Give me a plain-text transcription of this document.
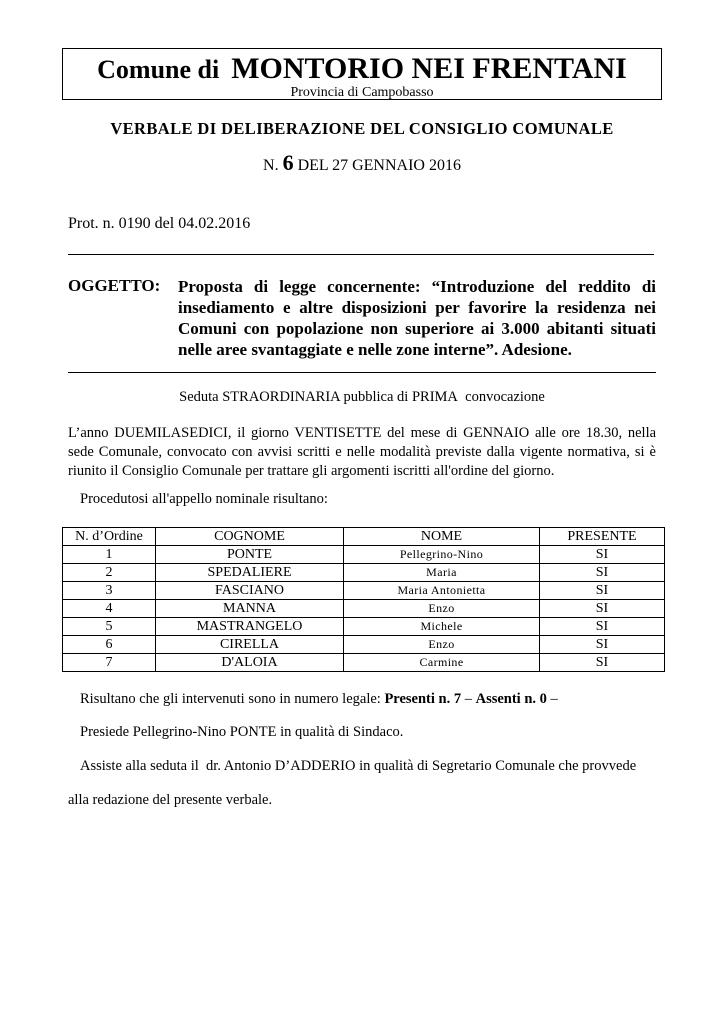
Comune di MONTORIO NEI FRENTANI
Provincia di Campobasso
VERBALE DI DELIBERAZIONE DEL CONSIGLIO COMUNALE
N. 6 DEL 27 GENNAIO 2016
Prot. n. 0190 del 04.02.2016
OGGETTO: Proposta di legge concernente: “Introduzione del reddito di insediamento e altre disposizioni per favorire la residenza nei Comuni con popolazione non superiore ai 3.000 abitanti situati nelle aree svantaggiate e nelle zone interne”. Adesione.
Seduta STRAORDINARIA pubblica di PRIMA convocazione
L’anno DUEMILASEDICI, il giorno VENTISETTE del mese di GENNAIO alle ore 18.30, nella sede Comunale, convocato con avvisi scritti e nelle modalità previste dalla vigente normativa, si è riunito il Consiglio Comunale per trattare gli argomenti iscritti all'ordine del giorno.
Procedutosi all'appello nominale risultano:
N. d’Ordine	COGNOME	NOME	PRESENTE
1	PONTE	Pellegrino-Nino	SI
2	SPEDALIERE	Maria	SI
3	FASCIANO	Maria Antonietta	SI
4	MANNA	Enzo	SI
5	MASTRANGELO	Michele	SI
6	CIRELLA	Enzo	SI
7	D'ALOIA	Carmine	SI
Risultano che gli intervenuti sono in numero legale: Presenti n. 7 – Assenti n. 0 –
Presiede Pellegrino-Nino PONTE in qualità di Sindaco.
Assiste alla seduta il dr. Antonio D’ADDERIO in qualità di Segretario Comunale che provvede
alla redazione del presente verbale.
